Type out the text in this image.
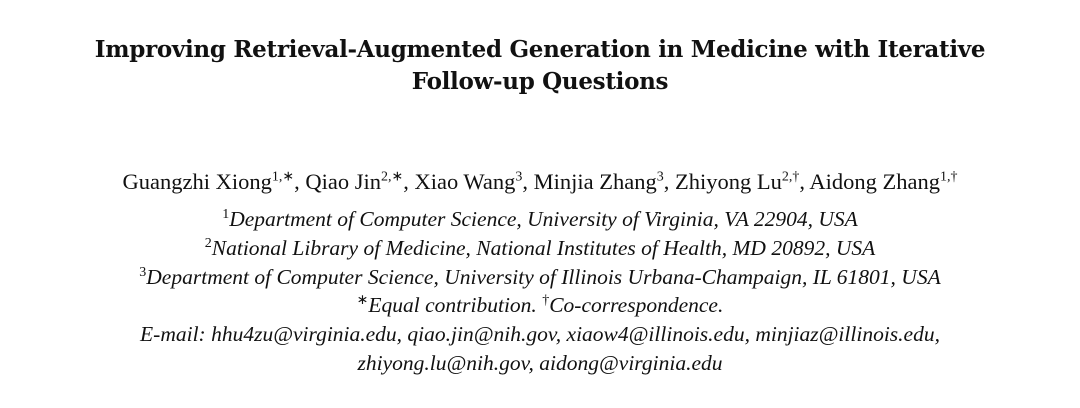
Improving Retrieval-Augmented Generation in Medicine with Iterative
Follow-up Questions
Guangzhi Xiong$^{1,∗}$, Qiao Jin$^{2,∗}$, Xiao Wang$^3$, Minjia Zhang$^3$, Zhiyong $Lu^{2,\dagger}$, Aidong Zhang$^{1,\dagger}$
$^1$Department of Computer Science, University of Virginia, VA 22904, USA
$^2$National Library of Medicine, National Institutes of Health, MD 20892, USA
$^3$Department of Computer Science, University of Illinois Urbana-Champaign, IL 61801, USA
∗Equal contribution. †Co-correspondence.
E-mail: hhu4zu@virginia.edu, qiao.jin@nih.gov, xiaow4@illinois.edu, minjiaz@illinois.edu,
zhiyong.lu@nih.gov, aidong@virginia.edu
